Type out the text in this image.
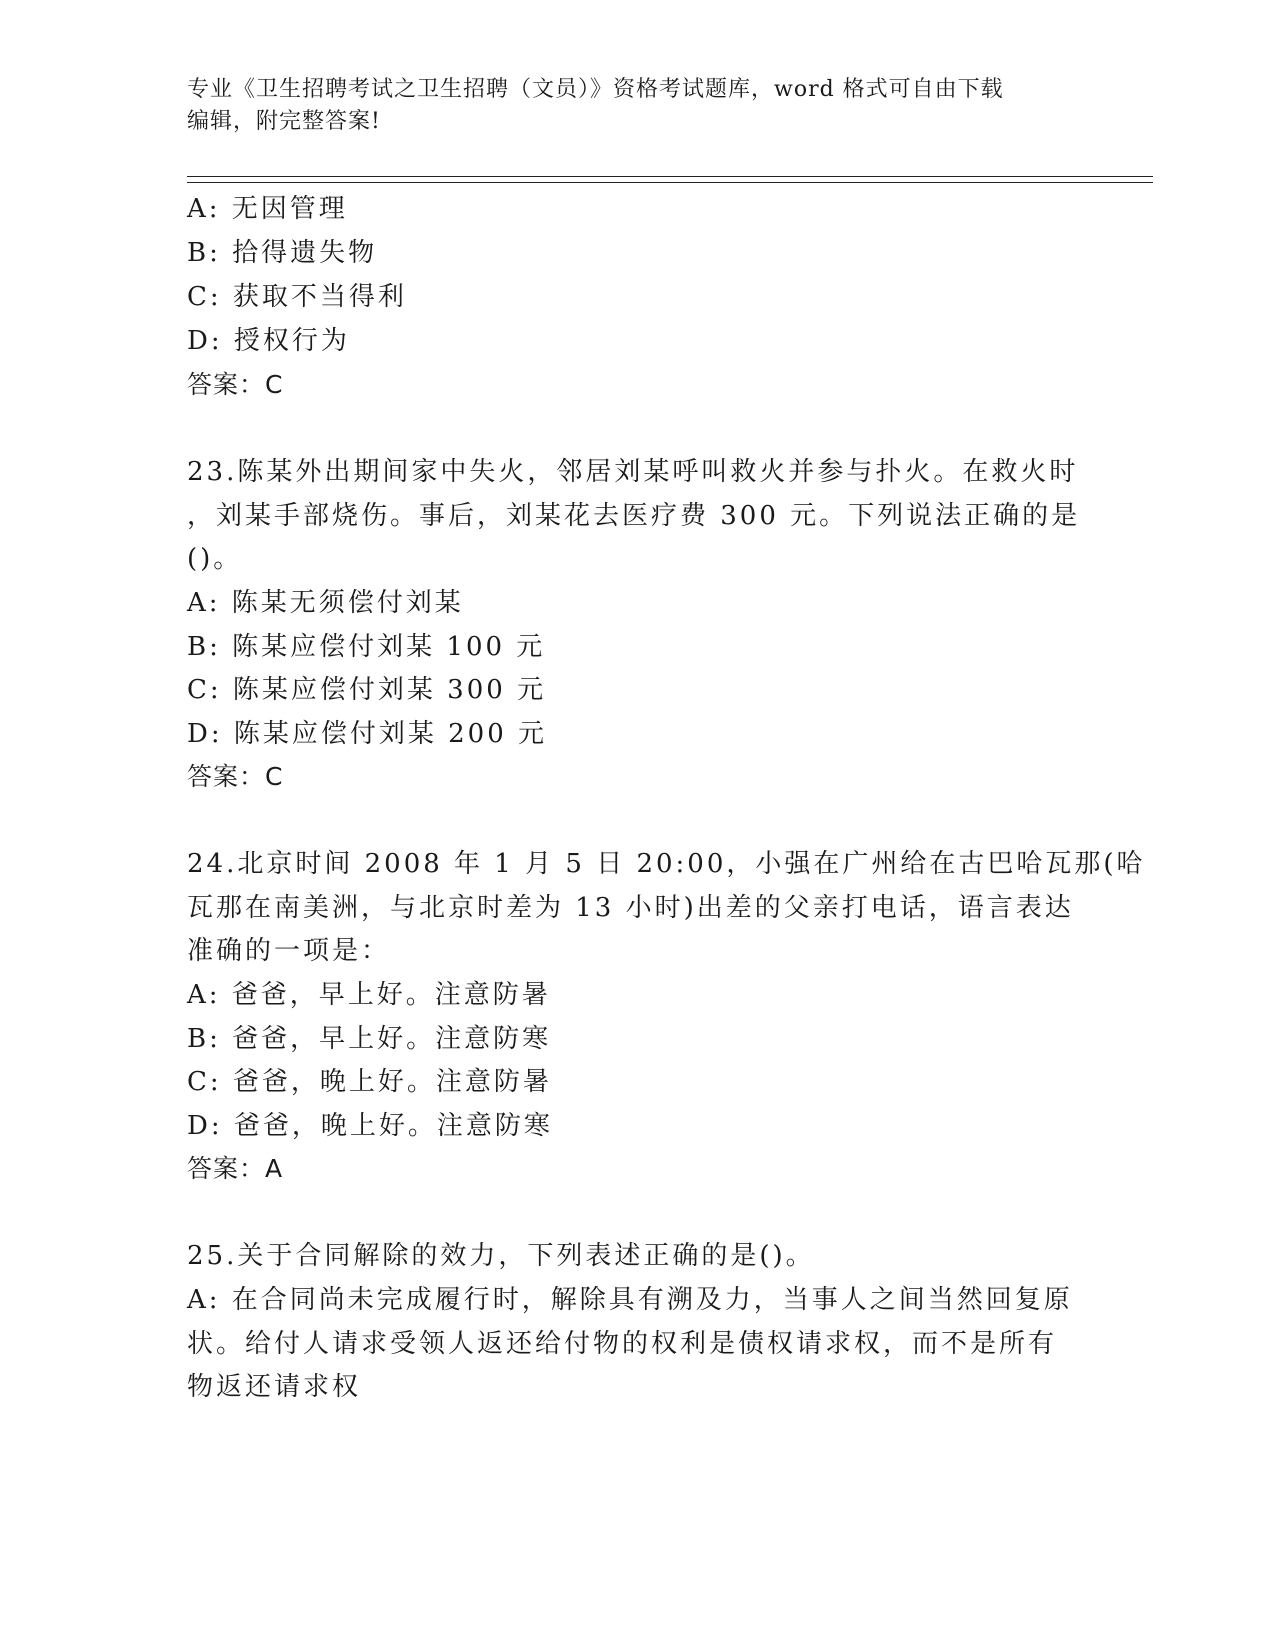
专业《卫生招聘考试之卫生招聘（文员）》资格考试题库，word 格式可自由下载
编辑，附完整答案!
A: 无因管理
B: 拾得遗失物
C: 获取不当得利
D: 授权行为
答案：C
23.陈某外出期间家中失火，邻居刘某呼叫救火并参与扑火。在救火时
，刘某手部烧伤。事后，刘某花去医疗费 300 元。下列说法正确的是
()。
A: 陈某无须偿付刘某
B: 陈某应偿付刘某 100 元
C: 陈某应偿付刘某 300 元
D: 陈某应偿付刘某 200 元
答案：C
24.北京时间 2008 年 1 月 5 日 20:00，小强在广州给在古巴哈瓦那(哈
瓦那在南美洲，与北京时差为 13 小时)出差的父亲打电话，语言表达
准确的一项是：
A: 爸爸，早上好。注意防暑
B: 爸爸，早上好。注意防寒
C: 爸爸，晚上好。注意防暑
D: 爸爸，晚上好。注意防寒
答案：A
25.关于合同解除的效力，下列表述正确的是()。
A: 在合同尚未完成履行时，解除具有溯及力，当事人之间当然回复原
状。给付人请求受领人返还给付物的权利是债权请求权，而不是所有
物返还请求权
